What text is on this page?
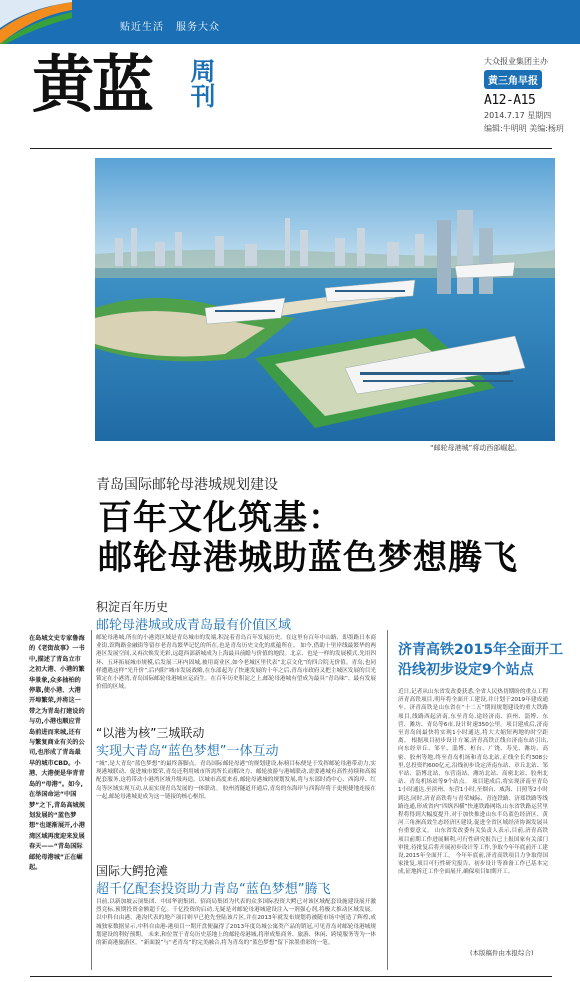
贴近生活 服务大众
黄蓝 周刊	大众报业集团主办
黄三角早报
A12-A15
2014.7.17 星期四
编辑:牛明明 美编:杨玥
“邮轮母港城”将动西部崛起。
青岛国际邮轮母港城规划建设
百年文化筑基：
邮轮母港城助蓝色梦想腾飞
积淀百年历史
邮轮母港城或成青岛最有价值区域
邮轮母港城,所在的小港湾区域是青岛城市的发端,积淀着青岛百年发展历史。在这里有百年中山路、即墨路日本商业街,馆陶路金融街等留存老青岛繁华记忆的所在,也是青岛历史文化的底蕴所在。 如今,借助十里岸线最繁华的两港区发展空间,又再次焕发光彩,远超西部新城成为上海最具前瞻与价值的地段。北京、也是一样的发展模式,先用四环、五环拓展城市规模,后发展三环内固城,被用商业区,如今老城区里代表“北京文化”的四合院无价值。青岛,也同样遭遇这样“光升价”,后内阳“城市发展战略,在东部起为了快速发展的十年之后,青岛市政府又把主城区发展的目光锁定在小港湾,青岛国际邮轮母港城应运而生。在百年历史积淀之上,邮轮母港城有望成为最具“青岛味”、最有发展价值的区域。
“以港为核”三城联动
实现大青岛“蓝色梦想”一体互动
“城”,是大青岛“蓝色梦想”的最终落脚点。青岛国际邮轮母港“的规划建设,标榜目标便是于发挥邮轮母港带动力,实现港城联动、促进城市繁荣,青岛还利用城市所需所长而解决力、邮轮放游与港城联动,需要港城有高性持续和高端配套服务,这将带动小港湾区域升级再造。以城市高度来看,邮轮母港城的规划发展,将与东部时尚中心、西海岸、红岛等区域实现互动,从而实现青岛发展的一体联动。 胶州湾隧道开通后,青岛的东海岸与西海岸将于更便捷地连接在一起,邮轮母港城更成为这一链接的核心枢纽。
国际大鳄抢滩
超千亿配套投资助力青岛“蓝色梦想”腾飞
目前,以新加坡云顶集团、中国华润集团、招商局集团为代表的众多国际投资大鳄已对该区域配套设施建设展开激烈竞标,预期投资金额超千亿。千亿投资的启动,无疑是对邮轮母港城建设注入一剂强心剂,将极大推动区域发展。 以中科自由港、港沟代表的地产项目则早已抢先登陆该片区,并在2013年就发布规划将被随市场中创造了辉煌,成城独家数据显示,中科自由港-港项目一期开盘便赢得了2013年度岛城公寓类产品的销冠,可见青岛对邮轮母港城规划建设的利好预期。 未来,和位置于青岛历史基地上的邮轮母港城,将形成集商务、旅游、休闲、跨境服务等为一体的新商港旅游区。“新面貌”与“老青岛”的完美融合,将为青岛的“蓝色梦想”留下浓墨重彩的一笔。
在岛城文史专家鲁海的《老街故事》一书中,描述了青岛立市之初大港、小港的繁华景象,众多抽柏的停靠,使小港、大港开埠繁荣,并将这一带之为青岛打建设的与功,小港也顺应青岛前进而来城,还有与繁复商业有关的公司,也形成了青岛最早的城市CBD。小港、大港便是华青青岛的“母港”。如今,在举国命运“中国梦”之下,青岛高城规划发展的“蓝色梦想”也逐渐展开,小港湾区域再度迎来发展春天——“青岛国际邮轮母港城”正在崛起。
济青高铁2015年全面开工
沿线初步设定9个站点
近日,记者从山东省发改委获悉,全省人民热切期盼的重点工程济青高铁项目,明年将全面开工建设,并计划于2019年建成通车。济青高铁是山东省在“十二五”期间规划建设的重大铁路项目,线路西起济南,东至青岛,途经济南、滨州、淄博、东营、潍坊、青岛等6市,设计时速350公里。项目建成后,济南至青岛间最快将实现1小时通达,将大大缩短两地的时空距离。 根据项目初步设计方案,济青高铁正线自济南东站引出,向东经章丘、邹平、淄博、桓台、广饶、寿光、潍坊、高密、胶州等地,终至青岛机场和青岛北站,正线全长约308公里,总投资约600亿元,沿线初步设定济南东站、章丘北站、邹平站、淄博北站、东营南站、潍坊北站、高密北站、胶州北站、青岛机场站等9个站点。 项目建成后,将实现济南至青岛1小时通达,至滨州、东营1小时,至烟台、威海、日照等2小时到达,同时,济青高铁将与青荣城际、青连铁路、济郑铁路等线路连通,形成省内“四纵四横”快速铁路网络,山东省铁路运营里程将得到大幅度提升,对于加快推进山东半岛蓝色经济区、黄河三角洲高效生态经济区建设,促进全省区域经济协调发展具有重要意义。 山东省发改委有关负责人表示,目前,济青高铁项目前期工作进展顺利,可行性研究报告已上报国家有关部门审批,待批复后将开展初步设计等工作,争取今年年底前开工建设,2015年全面开工。 今年年底前,济青高铁项目力争取得国家批复,项目可行性研究报告、初步设计等准备工作已基本完成,征地拆迁工作全面展开,确保项目如期开工。
(本版稿件由本报综合)
